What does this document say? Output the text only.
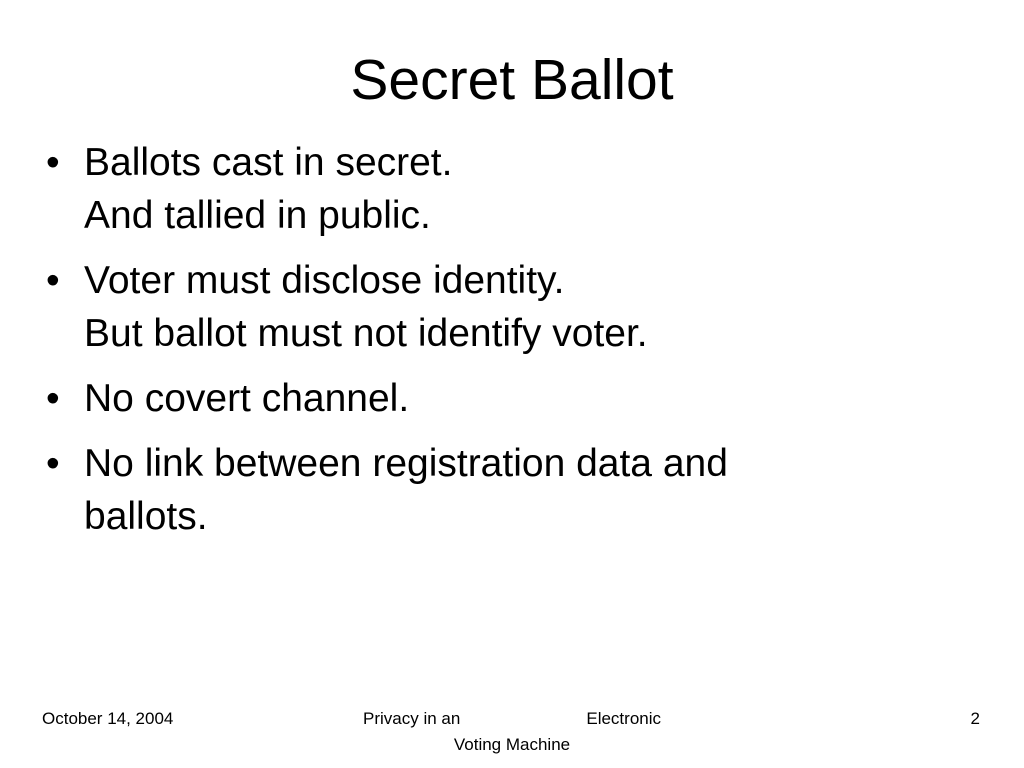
Secret Ballot
• Ballots cast in secret.
And tallied in public.
• Voter must disclose identity.
But ballot must not identify voter.
• No covert channel.
• No link between registration data and
ballots.
October 14, 2004	Privacy in an	Electronic
Voting Machine
2
